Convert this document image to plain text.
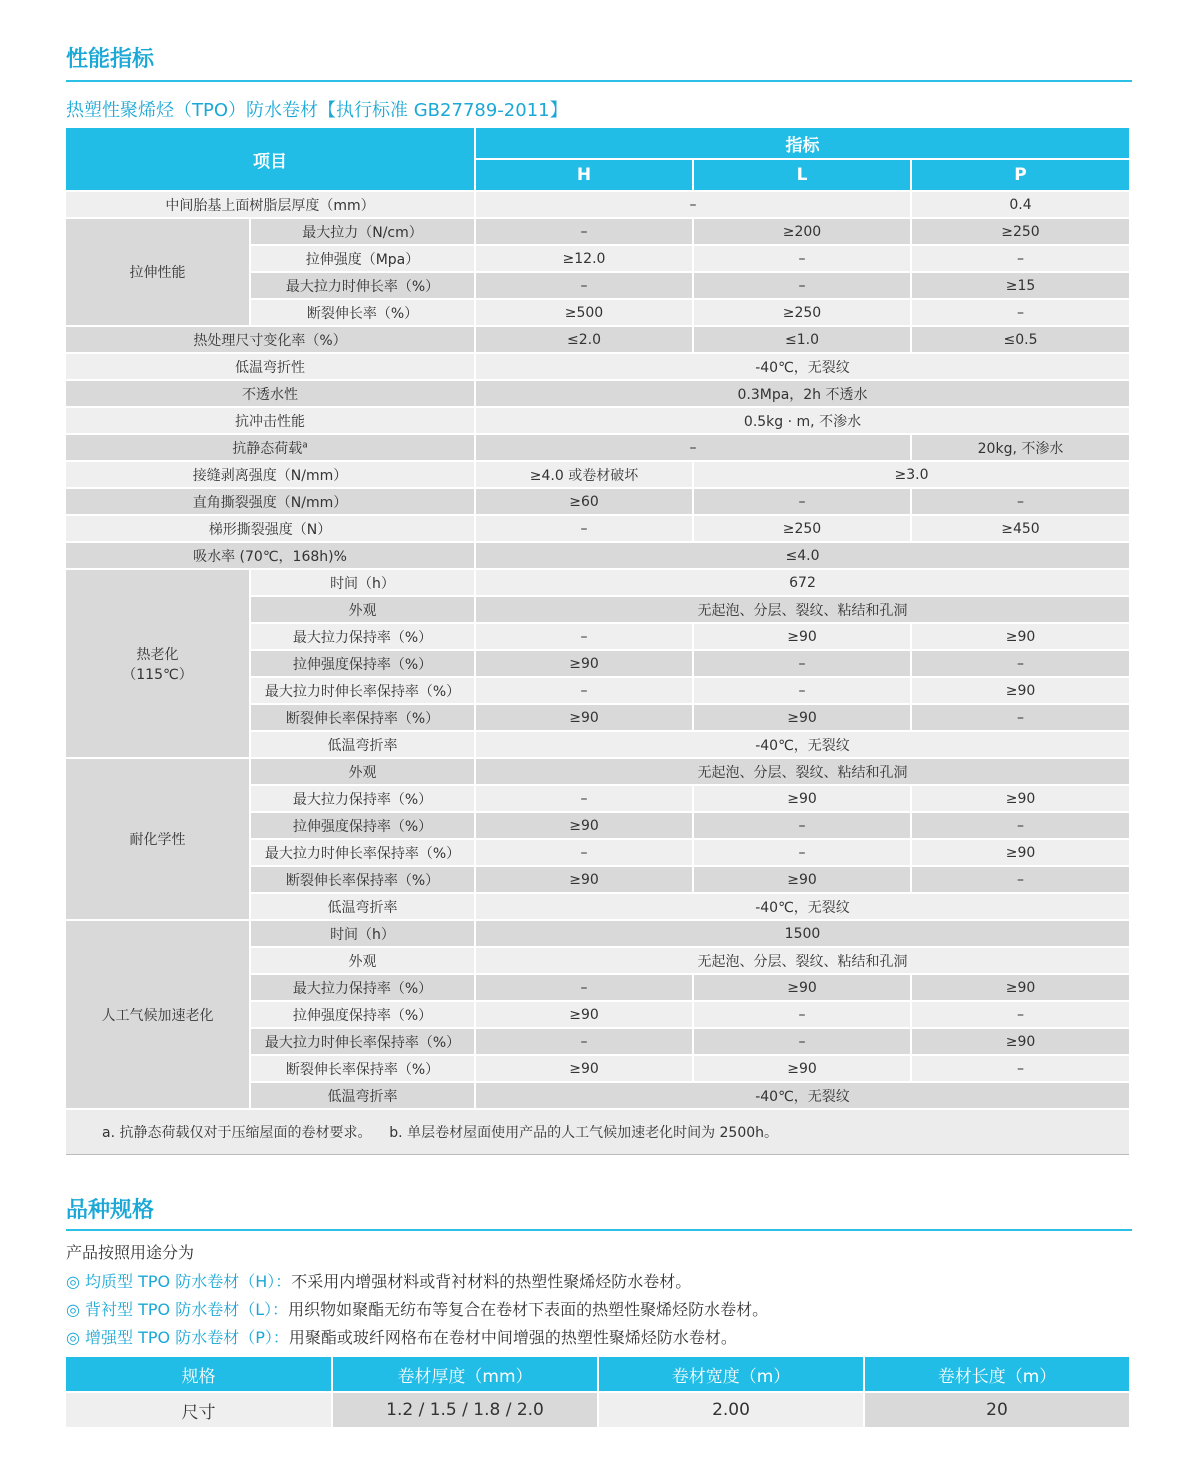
性能指标
热塑性聚烯烃（TPO）防水卷材【执行标准 GB27789-2011】
项目		指标		
		H	L	P
中间胎基上面树脂层厚度（mm）		–		0.4
拉伸性能	最大拉力（N/cm）	–	≥200	≥250
	拉伸强度（Mpa）	≥12.0	–	–
	最大拉力时伸长率（%）	–	–	≥15
	断裂伸长率（%）	≥500	≥250	–
热处理尺寸变化率（%）		≤2.0	≤1.0	≤0.5
低温弯折性		-40℃，无裂纹		
不透水性		0.3Mpa，2h 不透水		
抗冲击性能		0.5kg · m, 不渗水		
抗静态荷载$^a$		–		20kg, 不渗水
接缝剥离强度（N/mm）		≥4.0 或卷材破坏	≥3.0	
直角撕裂强度（N/mm）		≥60	–	–
梯形撕裂强度（N）		–	≥250	≥450
吸水率 (70℃，168h)%		≤4.0		
热老化
（115℃）	时间（h）	672		
	外观	无起泡、分层、裂纹、粘结和孔洞		
	最大拉力保持率（%）	–	≥90	≥90
	拉伸强度保持率（%）	≥90	–	–
	最大拉力时伸长率保持率（%）	–	–	≥90
	断裂伸长率保持率（%）	≥90	≥90	–
	低温弯折率	-40℃，无裂纹		
耐化学性	外观	无起泡、分层、裂纹、粘结和孔洞		
	最大拉力保持率（%）	–	≥90	≥90
	拉伸强度保持率（%）	≥90	–	–
	最大拉力时伸长率保持率（%）	–	–	≥90
	断裂伸长率保持率（%）	≥90	≥90	–
	低温弯折率	-40℃，无裂纹		
人工气候加速老化	时间（h）	1500		
	外观	无起泡、分层、裂纹、粘结和孔洞		
	最大拉力保持率（%）	–	≥90	≥90
	拉伸强度保持率（%）	≥90	–	–
	最大拉力时伸长率保持率（%）	–	–	≥90
	断裂伸长率保持率（%）	≥90	≥90	–
	低温弯折率	-40℃，无裂纹		
a. 抗静态荷载仅对于压缩屋面的卷材要求。    b. 单层卷材屋面使用产品的人工气候加速老化时间为 2500h。				
品种规格
产品按照用途分为
◎ 均质型 TPO 防水卷材（H）：不采用内增强材料或背衬材料的热塑性聚烯烃防水卷材。
◎ 背衬型 TPO 防水卷材（L）：用织物如聚酯无纺布等复合在卷材下表面的热塑性聚烯烃防水卷材。
◎ 增强型 TPO 防水卷材（P）：用聚酯或玻纤网格布在卷材中间增强的热塑性聚烯烃防水卷材。
规格	卷材厚度（mm）	卷材宽度（m）	卷材长度（m）
尺寸	1.2 / 1.5 / 1.8 / 2.0	2.00	20
